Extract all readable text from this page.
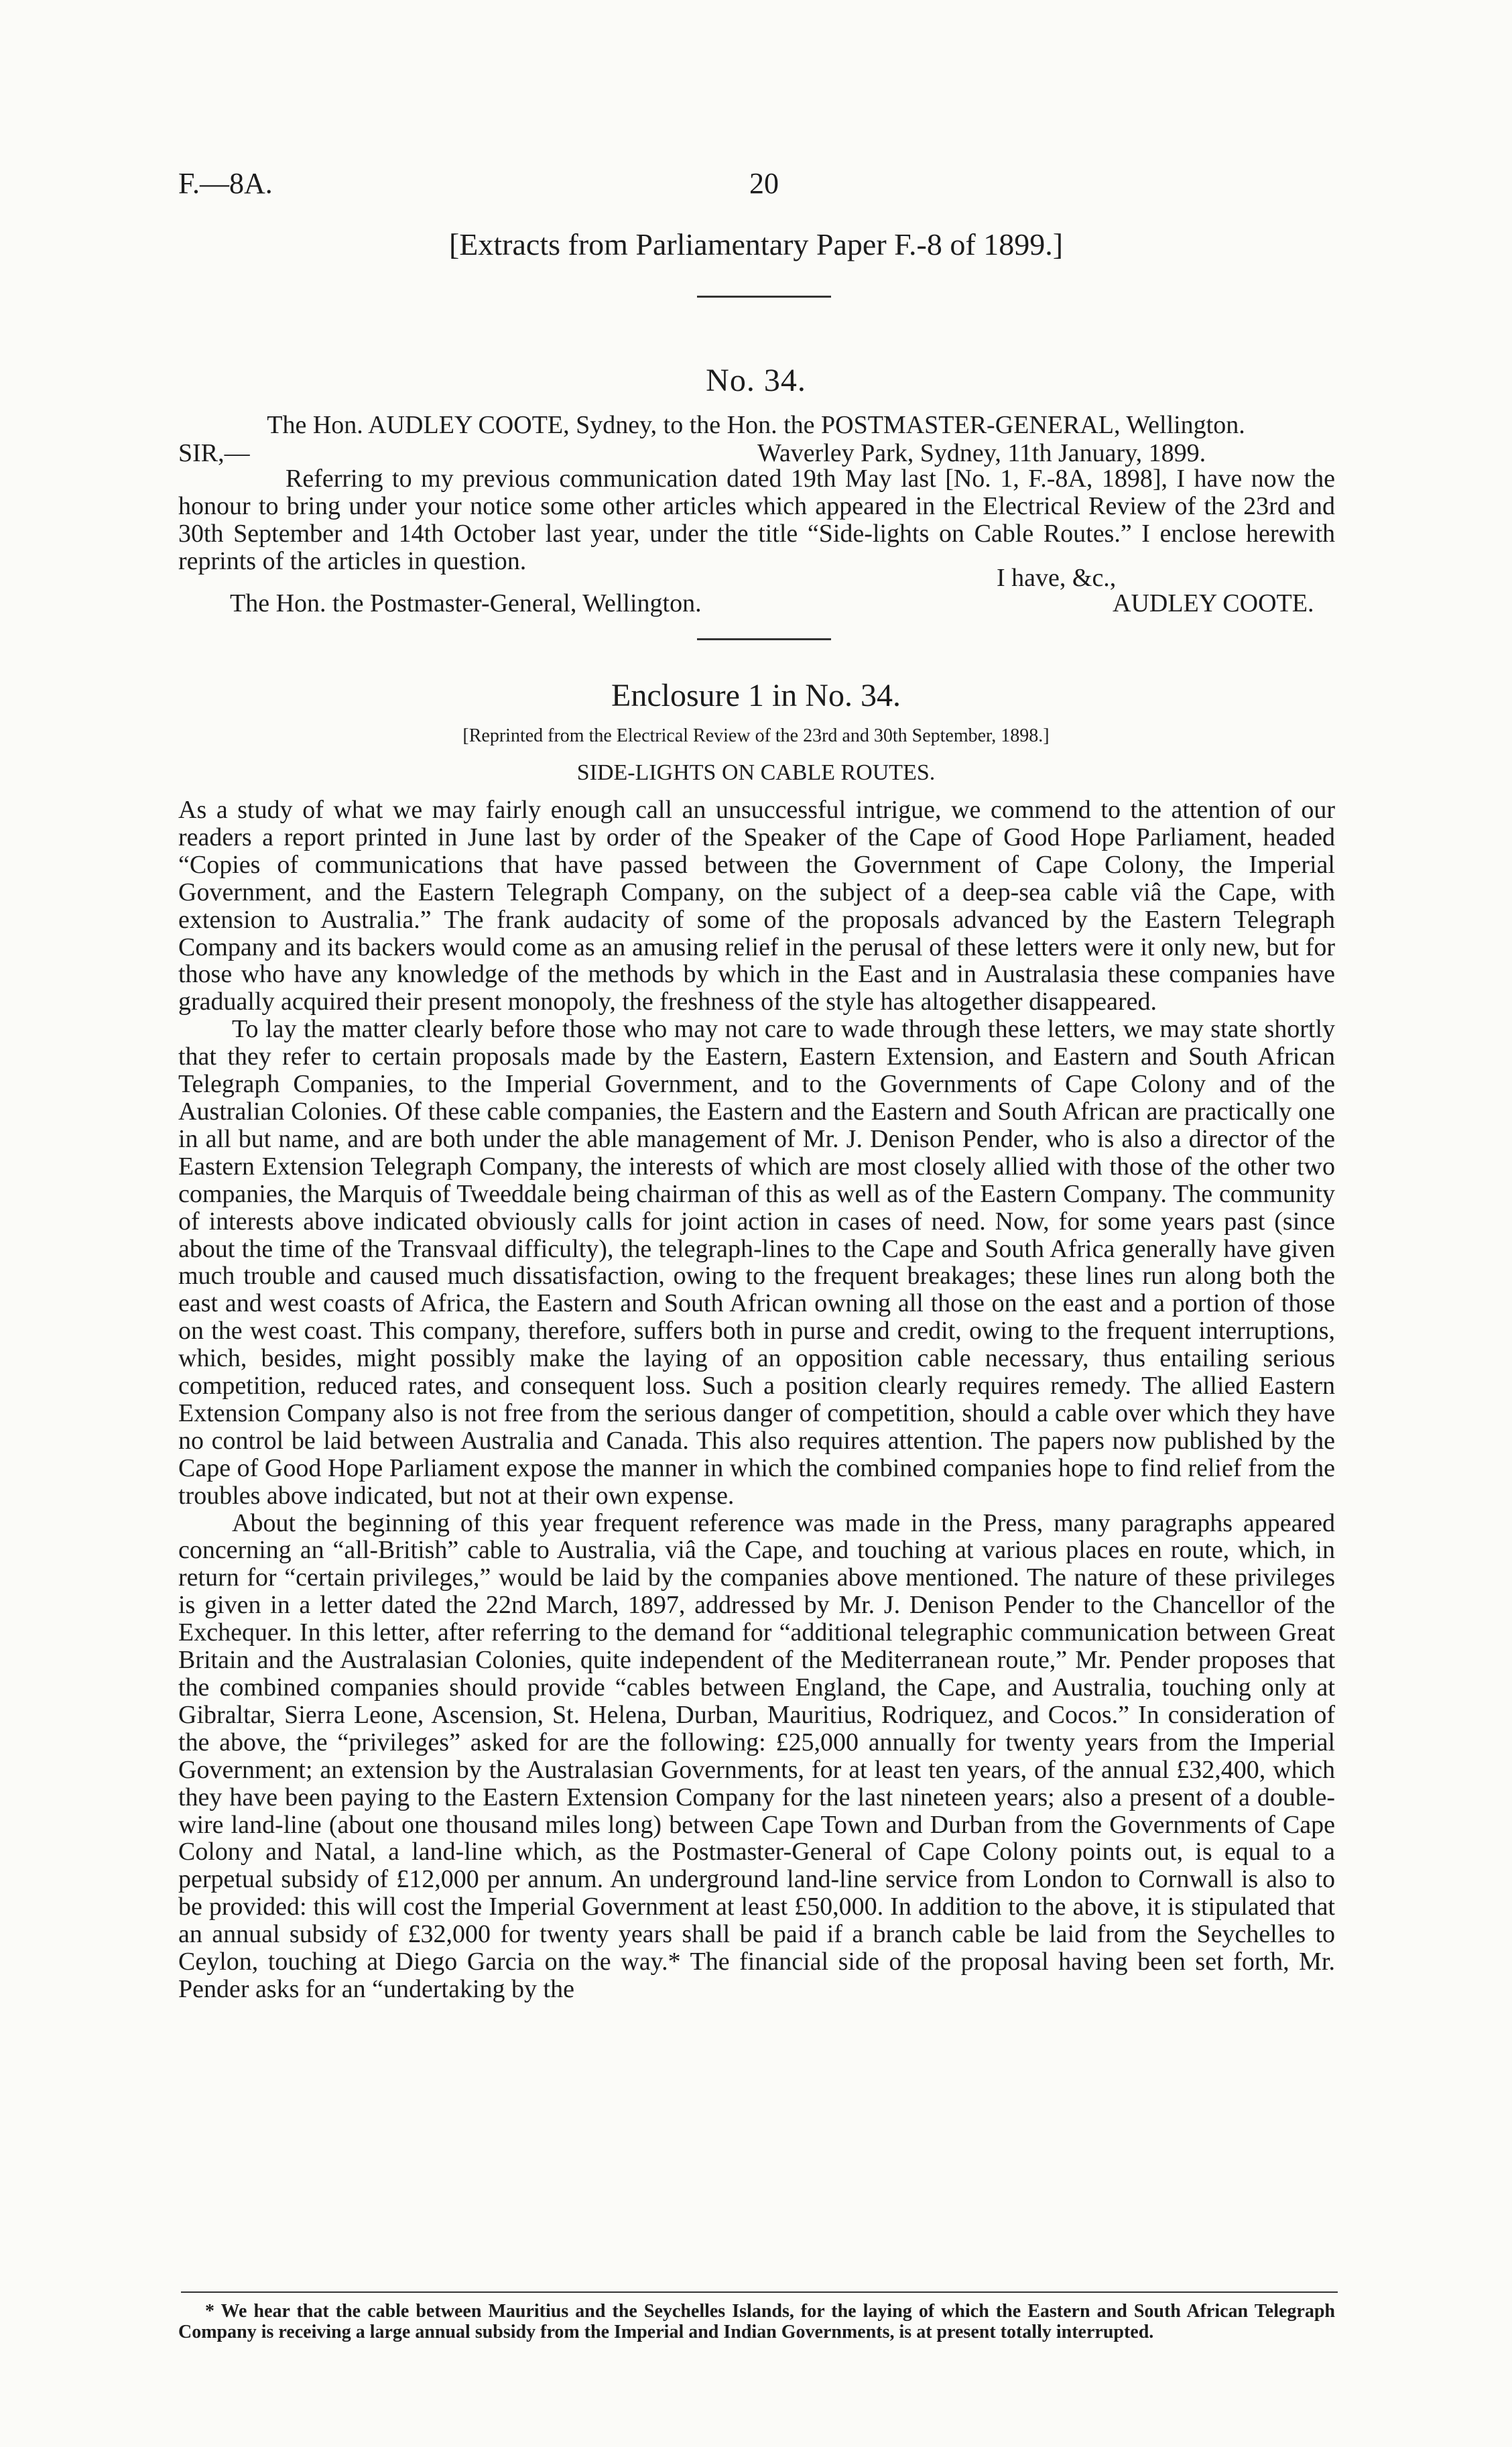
F.—8A.	20
[Extracts from Parliamentary Paper F.-8 of 1899.]
No. 34.
The Hon. AUDLEY COOTE, Sydney, to the Hon. the POSTMASTER-GENERAL, Wellington.
SIR,—	Waverley Park, Sydney, 11th January, 1899.
Referring to my previous communication dated 19th May last [No. 1, F.-8A, 1898], I have now the honour to bring under your notice some other articles which appeared in the Electrical Review of the 23rd and 30th September and 14th October last year, under the title “Side-lights on Cable Routes.” I enclose herewith reprints of the articles in question.
I have, &c.,
The Hon. the Postmaster-General, Wellington.	AUDLEY COOTE.
Enclosure 1 in No. 34.
[Reprinted from the Electrical Review of the 23rd and 30th September, 1898.]
SIDE-LIGHTS ON CABLE ROUTES.

As a study of what we may fairly enough call an unsuccessful intrigue, we commend to the attention of our readers a report printed in June last by order of the Speaker of the Cape of Good Hope Parliament, headed “Copies of communications that have passed between the Government of Cape Colony, the Imperial Government, and the Eastern Telegraph Company, on the subject of a deep-sea cable viâ the Cape, with extension to Australia.” The frank audacity of some of the proposals advanced by the Eastern Telegraph Company and its backers would come as an amusing relief in the perusal of these letters were it only new, but for those who have any knowledge of the methods by which in the East and in Australasia these companies have gradually acquired their present monopoly, the freshness of the style has altogether disappeared.

To lay the matter clearly before those who may not care to wade through these letters, we may state shortly that they refer to certain proposals made by the Eastern, Eastern Extension, and Eastern and South African Telegraph Companies, to the Imperial Government, and to the Governments of Cape Colony and of the Australian Colonies. Of these cable companies, the Eastern and the Eastern and South African are practically one in all but name, and are both under the able management of Mr. J. Denison Pender, who is also a director of the Eastern Extension Telegraph Company, the interests of which are most closely allied with those of the other two companies, the Marquis of Tweeddale being chairman of this as well as of the Eastern Company. The community of interests above indicated obviously calls for joint action in cases of need. Now, for some years past (since about the time of the Transvaal difficulty), the telegraph-lines to the Cape and South Africa generally have given much trouble and caused much dissatisfaction, owing to the frequent breakages; these lines run along both the east and west coasts of Africa, the Eastern and South African owning all those on the east and a portion of those on the west coast. This company, therefore, suffers both in purse and credit, owing to the frequent interruptions, which, besides, might possibly make the laying of an opposition cable necessary, thus entailing serious competition, reduced rates, and consequent loss. Such a position clearly requires remedy. The allied Eastern Extension Company also is not free from the serious danger of competition, should a cable over which they have no control be laid between Australia and Canada. This also requires attention. The papers now published by the Cape of Good Hope Parliament expose the manner in which the combined companies hope to find relief from the troubles above indicated, but not at their own expense.

About the beginning of this year frequent reference was made in the Press, many paragraphs appeared concerning an “all-British” cable to Australia, viâ the Cape, and touching at various places en route, which, in return for “certain privileges,” would be laid by the companies above mentioned. The nature of these privileges is given in a letter dated the 22nd March, 1897, addressed by Mr. J. Denison Pender to the Chancellor of the Exchequer. In this letter, after referring to the demand for “additional telegraphic communication between Great Britain and the Australasian Colonies, quite independent of the Mediterranean route,” Mr. Pender proposes that the combined companies should provide “cables between England, the Cape, and Australia, touching only at Gibraltar, Sierra Leone, Ascension, St. Helena, Durban, Mauritius, Rodriquez, and Cocos.” In consideration of the above, the “privileges” asked for are the following: £25,000 annually for twenty years from the Imperial Government; an extension by the Australasian Governments, for at least ten years, of the annual £32,400, which they have been paying to the Eastern Extension Company for the last nineteen years; also a present of a double-wire land-line (about one thousand miles long) between Cape Town and Durban from the Governments of Cape Colony and Natal, a land-line which, as the Postmaster-General of Cape Colony points out, is equal to a perpetual subsidy of £12,000 per annum. An underground land-line service from London to Cornwall is also to be provided: this will cost the Imperial Government at least £50,000. In addition to the above, it is stipulated that an annual subsidy of £32,000 for twenty years shall be paid if a branch cable be laid from the Seychelles to Ceylon, touching at Diego Garcia on the way.* The financial side of the proposal having been set forth, Mr. Pender asks for an “undertaking by the

* We hear that the cable between Mauritius and the Seychelles Islands, for the laying of which the Eastern and South African Telegraph Company is receiving a large annual subsidy from the Imperial and Indian Governments, is at present totally interrupted.
